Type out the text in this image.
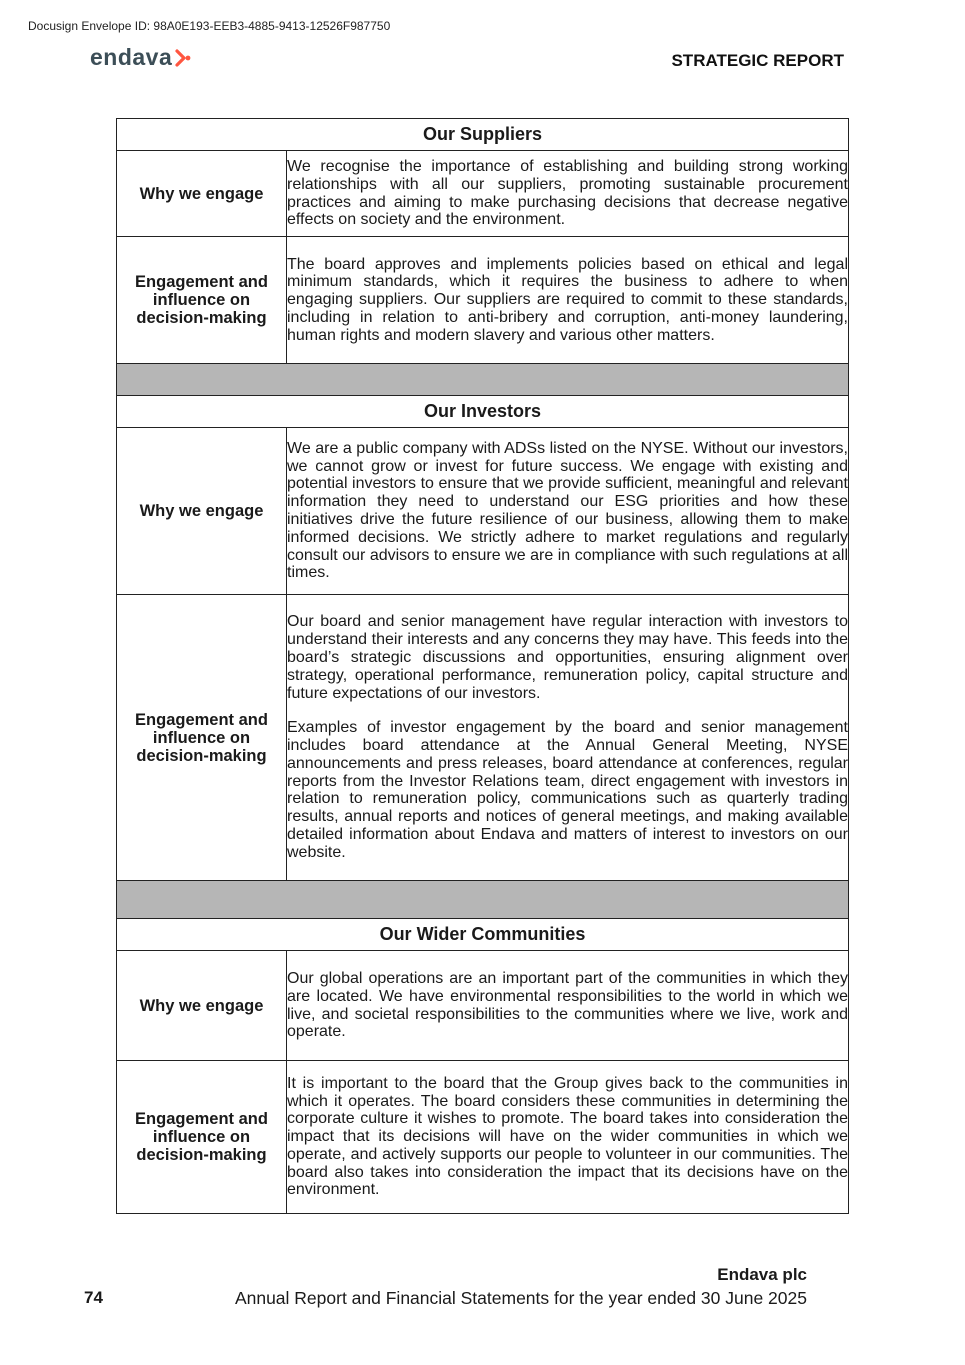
Docusign Envelope ID: 98A0E193-EEB3-4885-9413-12526F987750
endava	STRATEGIC REPORT
Our Suppliers	
Why we engage	We recognise the importance of establishing and building strong working relationships with all our suppliers, promoting sustainable procurement practices and aiming to make purchasing decisions that decrease negative effects on society and the environment.

Engagement and influence on decision-making	The board approves and implements policies based on ethical and legal minimum standards, which it requires the business to adhere to when engaging suppliers. Our suppliers are required to commit to these standards, including in relation to anti-bribery and corruption, anti-money laundering, human rights and modern slavery and various other matters.

Our Investors	
Why we engage	We are a public company with ADSs listed on the NYSE. Without our investors, we cannot grow or invest for future success. We engage with existing and potential investors to ensure that we provide sufficient, meaningful and relevant information they need to understand our ESG priorities and how these initiatives drive the future resilience of our business, allowing them to make informed decisions. We strictly adhere to market regulations and regularly consult our advisors to ensure we are in compliance with such regulations at all times.

Engagement and influence on decision-making	Our board and senior management have regular interaction with investors to understand their interests and any concerns they may have. This feeds into the board’s strategic discussions and opportunities, ensuring alignment over strategy, operational performance, remuneration policy, capital structure and future expectations of our investors.

Examples of investor engagement by the board and senior management includes board attendance at the Annual General Meeting, NYSE announcements and press releases, board attendance at conferences, regular reports from the Investor Relations team, direct engagement with investors in relation to remuneration policy, communications such as quarterly trading results, annual reports and notices of general meetings, and making available detailed information about Endava and matters of interest to investors on our website.

Our Wider Communities	
Why we engage	Our global operations are an important part of the communities in which they are located. We have environmental responsibilities to the world in which we live, and societal responsibilities to the communities where we live, work and operate.

Engagement and influence on decision-making	It is important to the board that the Group gives back to the communities in which it operates. The board considers these communities in determining the corporate culture it wishes to promote. The board takes into consideration the impact that its decisions will have on the wider communities in which we operate, and actively supports our people to volunteer in our communities. The board also takes into consideration the impact that its decisions have on the environment.

Endava plc
74	Annual Report and Financial Statements for the year ended 30 June 2025
